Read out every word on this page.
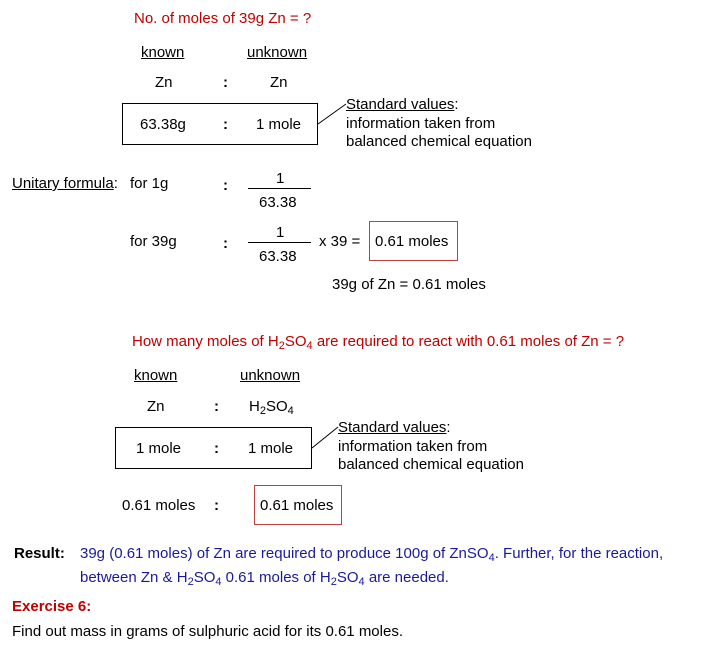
No. of moles of 39g Zn = ?
known	unknown
Zn	:	Zn
63.38g : 1 mole
Standard values:
information taken from
balanced chemical equation
Unitary formula: for 1g	:	1
63.38
for 39g	:
1
63.38
x 39 = 0.61 moles
39g of Zn = 0.61 moles
How many moles of $H_2SO_4$ are required to react with 0.61 moles of Zn = ?
known	unknown
Zn	: $H_2SO_4$
1 mole : 1 mole
Standard values:
information taken from
balanced chemical equation
0.61 moles :	0.61 moles
Result: 39g (0.61 moles) of Zn are required to produce 100g of ZnSO$_4$. Further, for the reaction,
between Zn & $H_2SO_4$ 0.61 moles of $H_2SO_4$ are needed.
Exercise 6:
Find out mass in grams of sulphuric acid for its 0.61 moles.
